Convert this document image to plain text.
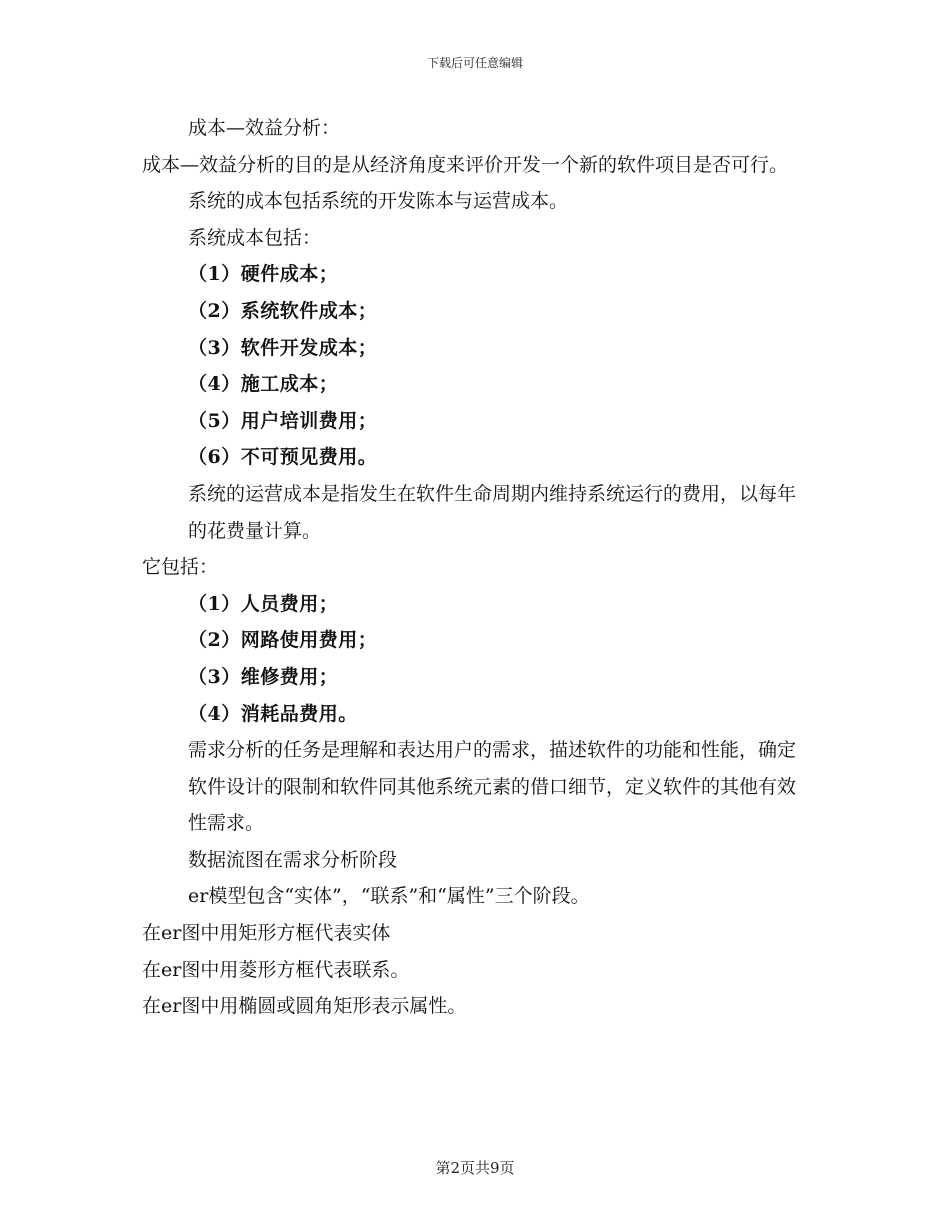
下载后可任意编辑

成本—效益分析：

成本—效益分析的目的是从经济角度来评价开发一个新的软件项目是否可行。

系统的成本包括系统的开发陈本与运营成本。

系统成本包括：

（1）硬件成本；

（2）系统软件成本；

（3）软件开发成本；

（4）施工成本；

（5）用户培训费用；

（6）不可预见费用。

系统的运营成本是指发生在软件生命周期内维持系统运行的费用，以每年的花费量计算。

它包括：

（1）人员费用；

（2）网路使用费用；

（3）维修费用；

（4）消耗品费用。

需求分析的任务是理解和表达用户的需求，描述软件的功能和性能，确定软件设计的限制和软件同其他系统元素的借口细节，定义软件的其他有效性需求。

数据流图在需求分析阶段

er模型包含“实体”，“联系”和“属性”三个阶段。

在er图中用矩形方框代表实体

在er图中用菱形方框代表联系。

在er图中用椭圆或圆角矩形表示属性。

第2页共9页
